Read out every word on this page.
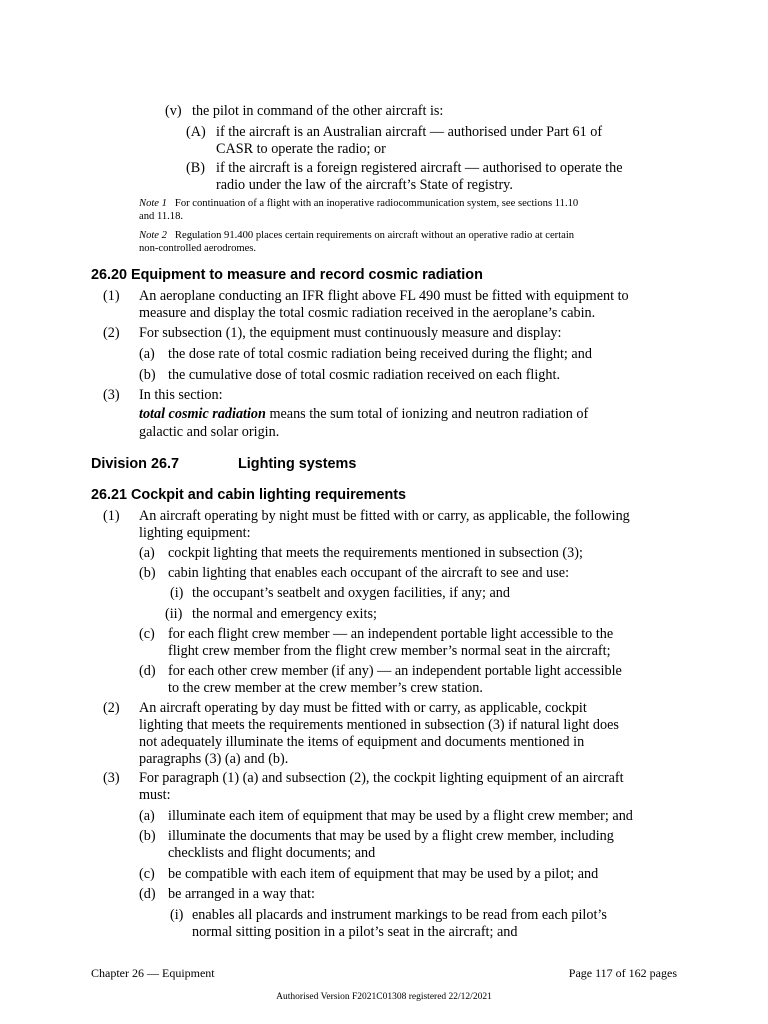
(v) the pilot in command of the other aircraft is:
(A) if the aircraft is an Australian aircraft — authorised under Part 61 of
CASR to operate the radio; or
(B) if the aircraft is a foreign registered aircraft — authorised to operate the
radio under the law of the aircraft’s State of registry.
Note 1 For continuation of a flight with an inoperative radiocommunication system, see sections 11.10
and 11.18.
Note 2 Regulation 91.400 places certain requirements on aircraft without an operative radio at certain
non-controlled aerodromes.
26.20 Equipment to measure and record cosmic radiation
(1) An aeroplane conducting an IFR flight above FL 490 must be fitted with equipment to
measure and display the total cosmic radiation received in the aeroplane’s cabin.
(2) For subsection (1), the equipment must continuously measure and display:
(a) the dose rate of total cosmic radiation being received during the flight; and
(b) the cumulative dose of total cosmic radiation received on each flight.
(3) In this section:
total cosmic radiation means the sum total of ionizing and neutron radiation of
galactic and solar origin.
Division 26.7	Lighting systems
26.21 Cockpit and cabin lighting requirements
(1) An aircraft operating by night must be fitted with or carry, as applicable, the following
lighting equipment:
(a) cockpit lighting that meets the requirements mentioned in subsection (3);
(b) cabin lighting that enables each occupant of the aircraft to see and use:
(i) the occupant’s seatbelt and oxygen facilities, if any; and
(ii) the normal and emergency exits;
(c) for each flight crew member — an independent portable light accessible to the
flight crew member from the flight crew member’s normal seat in the aircraft;
(d) for each other crew member (if any) — an independent portable light accessible
to the crew member at the crew member’s crew station.
(2) An aircraft operating by day must be fitted with or carry, as applicable, cockpit
lighting that meets the requirements mentioned in subsection (3) if natural light does
not adequately illuminate the items of equipment and documents mentioned in
paragraphs (3) (a) and (b).
(3) For paragraph (1) (a) and subsection (2), the cockpit lighting equipment of an aircraft
must:
(a) illuminate each item of equipment that may be used by a flight crew member; and
(b) illuminate the documents that may be used by a flight crew member, including
checklists and flight documents; and
(c) be compatible with each item of equipment that may be used by a pilot; and
(d) be arranged in a way that:
(i) enables all placards and instrument markings to be read from each pilot’s
normal sitting position in a pilot’s seat in the aircraft; and
Chapter 26 — Equipment	Page 117 of 162 pages
Authorised Version F2021C01308 registered 22/12/2021
